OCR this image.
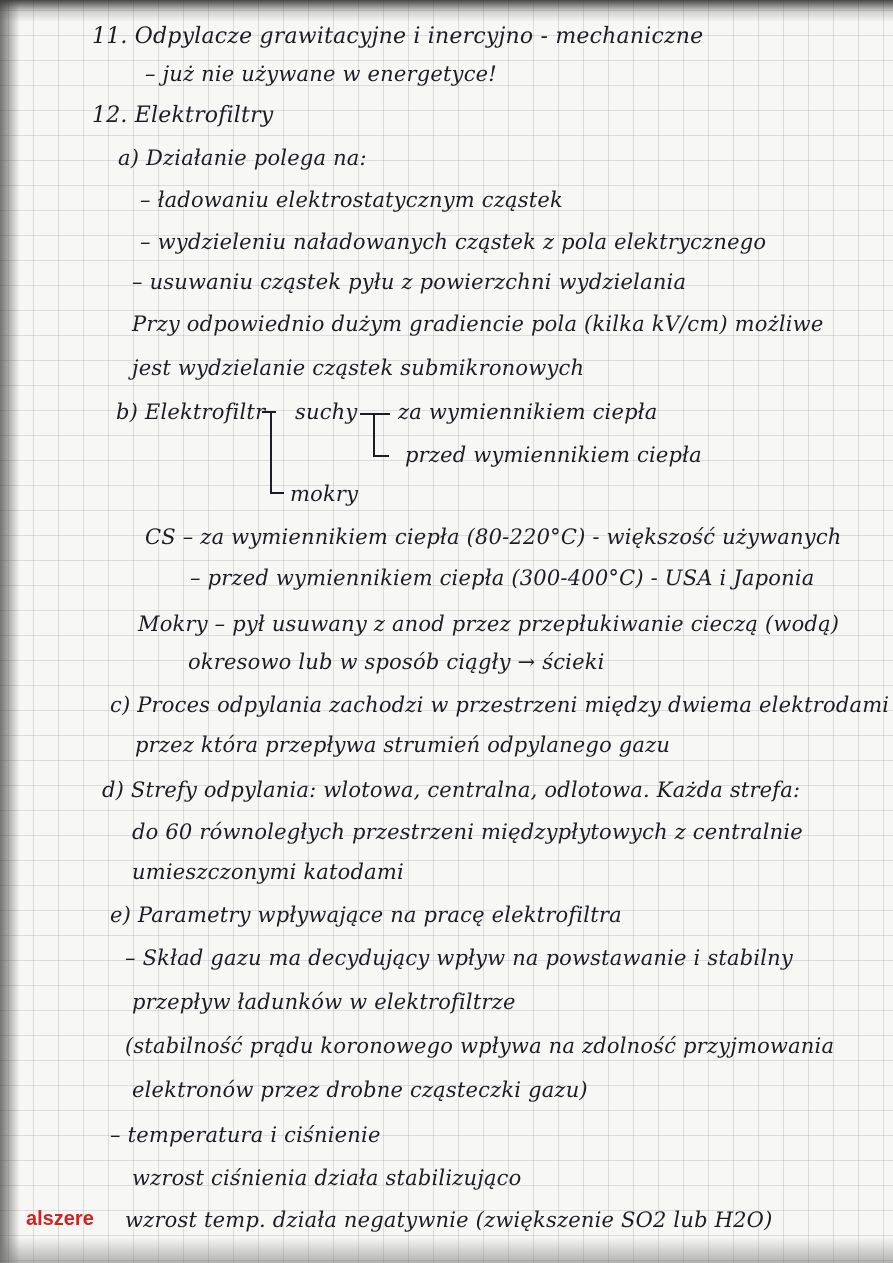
11. Odpylacze grawitacyjne i inercyjno - mechaniczne
– już nie używane w energetyce!
12. Elektrofiltry
a) Działanie polega na:
– ładowaniu elektrostatycznym cząstek
– wydzieleniu naładowanych cząstek z pola elektrycznego
– usuwaniu cząstek pyłu z powierzchni wydzielania
Przy odpowiednio dużym gradiencie pola (kilka kV/cm) możliwe
jest wydzielanie cząstek submikronowych
b) Elektrofiltr suchy za wymiennikiem ciepła
przed wymiennikiem ciepła
mokry
CS – za wymiennikiem ciepła (80-220°C) - większość używanych
– przed wymiennikiem ciepła (300-400°C) - USA i Japonia
Mokry – pył usuwany z anod przez przepłukiwanie cieczą (wodą)
okresowo lub w sposób ciągły → ścieki
c) Proces odpylania zachodzi w przestrzeni między dwiema elektrodami
przez która przepływa strumień odpylanego gazu
d) Strefy odpylania: wlotowa, centralna, odlotowa. Każda strefa:
do 60 równoległych przestrzeni międzypłytowych z centralnie
umieszczonymi katodami
e) Parametry wpływające na pracę elektrofiltra
– Skład gazu ma decydujący wpływ na powstawanie i stabilny
przepływ ładunków w elektrofiltrze
(stabilność prądu koronowego wpływa na zdolność przyjmowania
elektronów przez drobne cząsteczki gazu)
– temperatura i ciśnienie
wzrost ciśnienia działa stabilizująco
wzrost temp. działa negatywnie (zwiększenie SO2 lub H2O)
alszere
